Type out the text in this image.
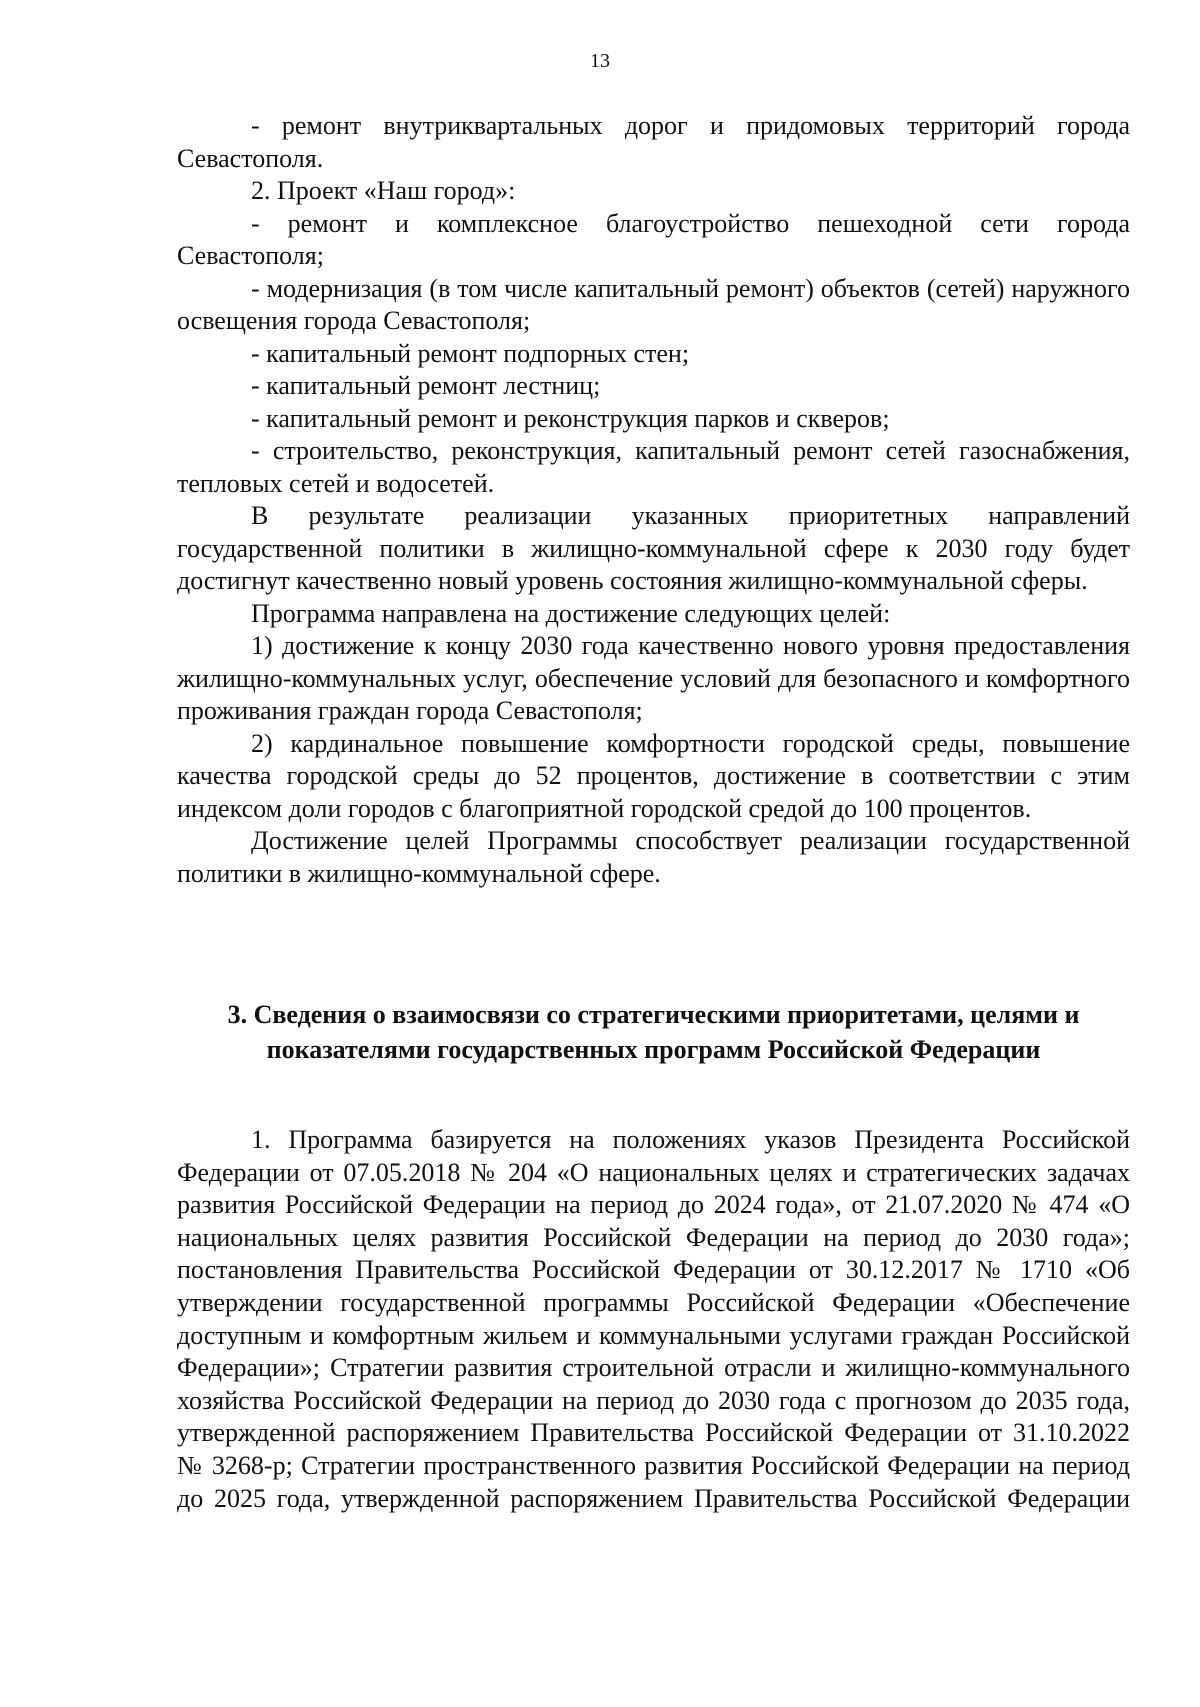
13

- ремонт внутриквартальных дорог и придомовых территорий города Севастополя.

2. Проект «Наш город»:

- ремонт и комплексное благоустройство пешеходной сети города Севастополя;

- модернизация (в том числе капитальный ремонт) объектов (сетей) наружного освещения города Севастополя;

- капитальный ремонт подпорных стен;

- капитальный ремонт лестниц;

- капитальный ремонт и реконструкция парков и скверов;

- строительство, реконструкция, капитальный ремонт сетей газоснабжения, тепловых сетей и водосетей.

В результате реализации указанных приоритетных направлений государственной политики в жилищно-коммунальной сфере к 2030 году будет достигнут качественно новый уровень состояния жилищно-коммунальной сферы.

Программа направлена на достижение следующих целей:

1) достижение к концу 2030 года качественно нового уровня предоставления жилищно-коммунальных услуг, обеспечение условий для безопасного и комфортного проживания граждан города Севастополя;

2) кардинальное повышение комфортности городской среды, повышение качества городской среды до 52 процентов, достижение в соответствии с этим индексом доли городов с благоприятной городской средой до 100 процентов.

Достижение целей Программы способствует реализации государственной политики в жилищно-коммунальной сфере.

3. Сведения о взаимосвязи со стратегическими приоритетами, целями и показателями государственных программ Российской Федерации

1. Программа базируется на положениях указов Президента Российской Федерации от 07.05.2018 № 204 «О национальных целях и стратегических задачах развития Российской Федерации на период до 2024 года», от 21.07.2020 № 474 «О национальных целях развития Российской Федерации на период до 2030 года»; постановления Правительства Российской Федерации от 30.12.2017 № 1710 «Об утверждении государственной программы Российской Федерации «Обеспечение доступным и комфортным жильем и коммунальными услугами граждан Российской Федерации»; Стратегии развития строительной отрасли и жилищно-коммунального хозяйства Российской Федерации на период до 2030 года с прогнозом до 2035 года, утвержденной распоряжением Правительства Российской Федерации от 31.10.2022 № 3268-р; Стратегии пространственного развития Российской Федерации на период до 2025 года, утвержденной распоряжением Правительства Российской Федерации
